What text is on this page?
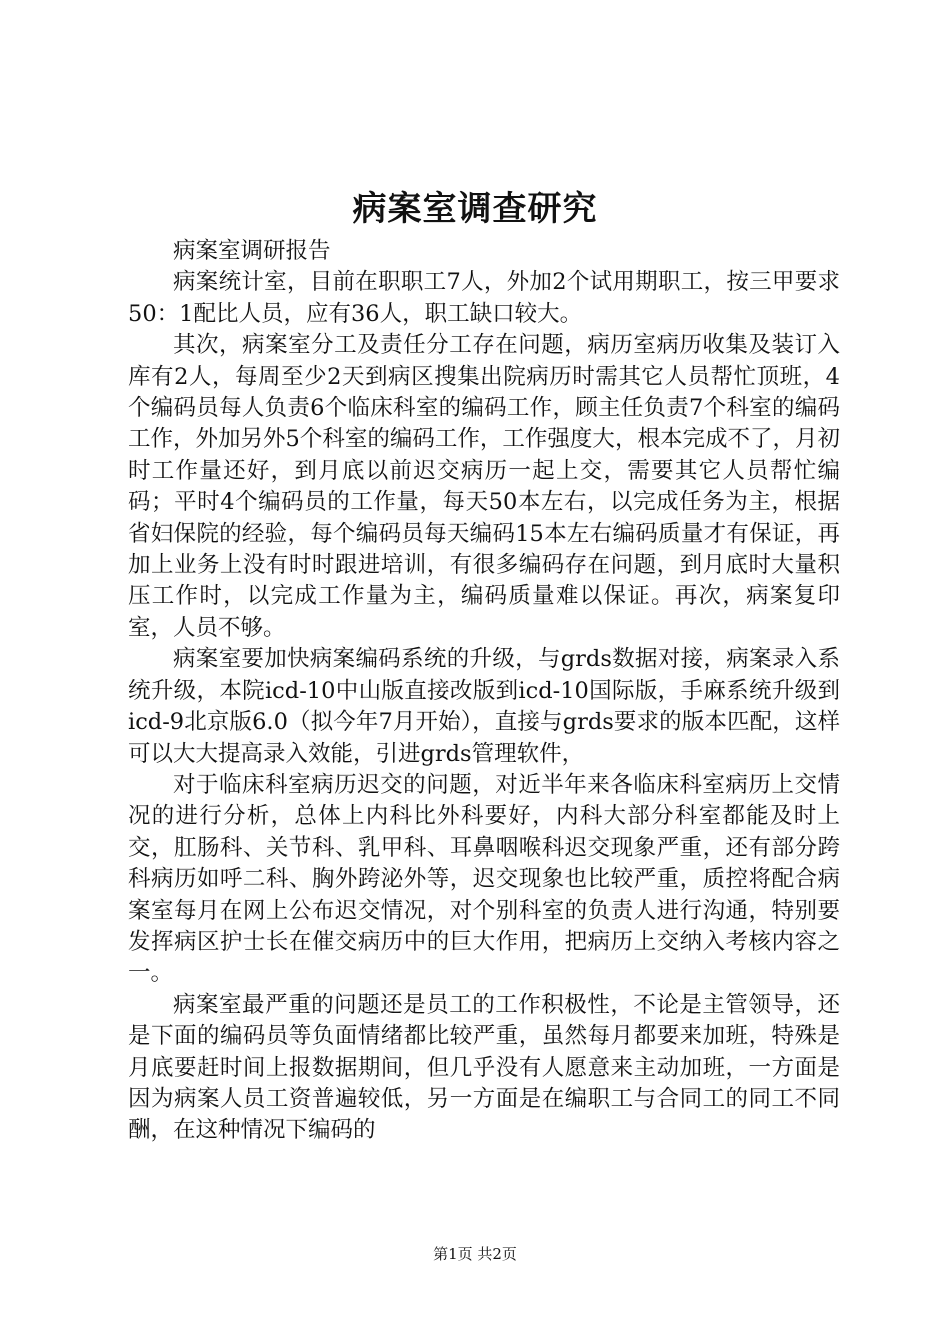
病案室调查研究

病案室调研报告

病案统计室，目前在职职工7人，外加2个试用期职工，按三甲要求50：1配比人员，应有36人，职工缺口较大。

其次，病案室分工及责任分工存在问题，病历室病历收集及装订入库有2人，每周至少2天到病区搜集出院病历时需其它人员帮忙顶班，4个编码员每人负责6个临床科室的编码工作，顾主任负责7个科室的编码工作，外加另外5个科室的编码工作，工作强度大，根本完成不了，月初时工作量还好，到月底以前迟交病历一起上交，需要其它人员帮忙编码；平时4个编码员的工作量，每天50本左右，以完成任务为主，根据省妇保院的经验，每个编码员每天编码15本左右编码质量才有保证，再加上业务上没有时时跟进培训，有很多编码存在问题，到月底时大量积压工作时，以完成工作量为主，编码质量难以保证。再次，病案复印室，人员不够。

病案室要加快病案编码系统的升级，与grds数据对接，病案录入系统升级，本院icd-10中山版直接改版到icd-10国际版，手麻系统升级到icd-9北京版6.0（拟今年7月开始），直接与grds要求的版本匹配，这样可以大大提高录入效能，引进grds管理软件，

对于临床科室病历迟交的问题，对近半年来各临床科室病历上交情况的进行分析，总体上内科比外科要好，内科大部分科室都能及时上交，肛肠科、关节科、乳甲科、耳鼻咽喉科迟交现象严重，还有部分跨科病历如呼二科、胸外跨泌外等，迟交现象也比较严重，质控将配合病案室每月在网上公布迟交情况，对个别科室的负责人进行沟通，特别要发挥病区护士长在催交病历中的巨大作用，把病历上交纳入考核内容之一。

病案室最严重的问题还是员工的工作积极性，不论是主管领导，还是下面的编码员等负面情绪都比较严重，虽然每月都要来加班，特殊是月底要赶时间上报数据期间，但几乎没有人愿意来主动加班，一方面是因为病案人员工资普遍较低，另一方面是在编职工与合同工的同工不同酬，在这种情况下编码的

第1页 共2页
